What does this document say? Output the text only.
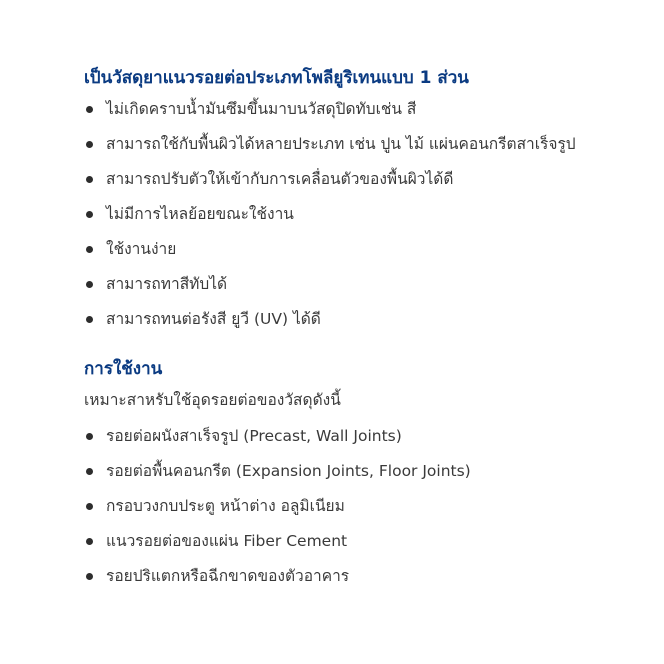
เป็นวัสดุยาแนวรอยต่อประเภทโพลียูริเทนแบบ 1 ส่วน
ไม่เกิดคราบน้ำมันซึมขึ้นมาบนวัสดุปิดทับเช่น สี
สามารถใช้กับพื้นผิวได้หลายประเภท เช่น ปูน ไม้ แผ่นคอนกรีตสาเร็จรูป
สามารถปรับตัวให้เข้ากับการเคลื่อนตัวของพื้นผิวได้ดี
ไม่มีการไหลย้อยขณะใช้งาน
ใช้งานง่าย
สามารถทาสีทับได้
สามารถทนต่อรังสี ยูวี (UV) ได้ดี
การใช้งาน

เหมาะสาหรับใช้อุดรอยต่อของวัสดุดังนี้

รอยต่อผนังสาเร็จรูป (Precast, Wall Joints)
รอยต่อพื้นคอนกรีต (Expansion Joints, Floor Joints)
กรอบวงกบประตู หน้าต่าง อลูมิเนียม
แนวรอยต่อของแผ่น Fiber Cement
รอยปริแตกหรือฉีกขาดของตัวอาคาร
